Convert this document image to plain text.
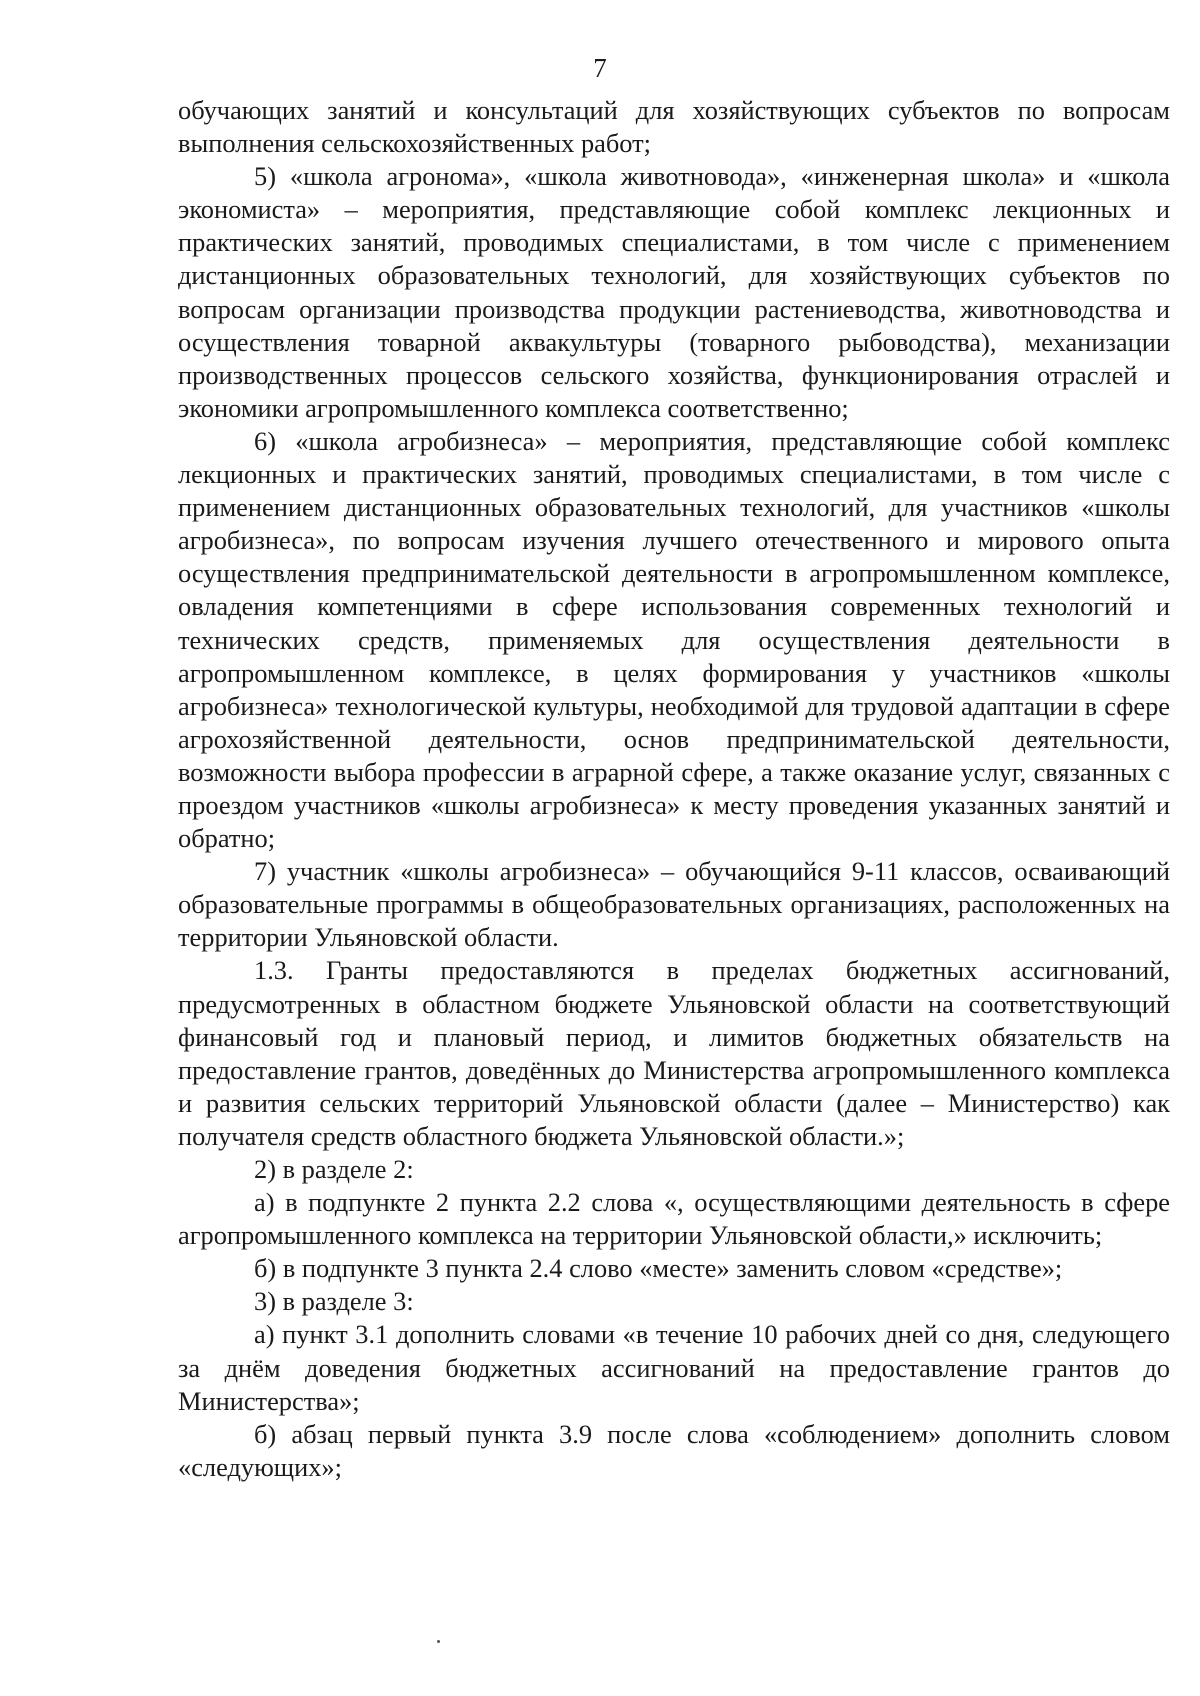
7

обучающих занятий и консультаций для хозяйствующих субъектов по вопросам выполнения сельскохозяйственных работ;

5) «школа агронома», «школа животновода», «инженерная школа» и «школа экономиста» – мероприятия, представляющие собой комплекс лекционных и практических занятий, проводимых специалистами, в том числе с применением дистанционных образовательных технологий, для хозяйствующих субъектов по вопросам организации производства продукции растениеводства, животноводства и осуществления товарной аквакультуры (товарного рыбоводства), механизации производственных процессов сельского хозяйства, функционирования отраслей и экономики агропромышленного комплекса соответственно;

6) «школа агробизнеса» – мероприятия, представляющие собой комплекс лекционных и практических занятий, проводимых специалистами, в том числе с применением дистанционных образовательных технологий, для участников «школы агробизнеса», по вопросам изучения лучшего отечественного и мирового опыта осуществления предпринимательской деятельности в агропромышленном комплексе, овладения компетенциями в сфере использования современных технологий и технических средств, применяемых для осуществления деятельности в агропромышленном комплексе, в целях формирования у участников «школы агробизнеса» технологической культуры, необходимой для трудовой адаптации в сфере агрохозяйственной деятельности, основ предпринимательской деятельности, возможности выбора профессии в аграрной сфере, а также оказание услуг, связанных с проездом участников «школы агробизнеса» к месту проведения указанных занятий и обратно;

7) участник «школы агробизнеса» – обучающийся 9-11 классов, осваивающий образовательные программы в общеобразовательных организациях, расположенных на территории Ульяновской области.

1.3. Гранты предоставляются в пределах бюджетных ассигнований, предусмотренных в областном бюджете Ульяновской области на соответствующий финансовый год и плановый период, и лимитов бюджетных обязательств на предоставление грантов, доведённых до Министерства агропромышленного комплекса и развития сельских территорий Ульяновской области (далее – Министерство) как получателя средств областного бюджета Ульяновской области.»;

2) в разделе 2:

а) в подпункте 2 пункта 2.2 слова «, осуществляющими деятельность в сфере агропромышленного комплекса на территории Ульяновской области,» исключить;

б) в подпункте 3 пункта 2.4 слово «месте» заменить словом «средстве»;

3) в разделе 3:

а) пункт 3.1 дополнить словами «в течение 10 рабочих дней со дня, следующего за днём доведения бюджетных ассигнований на предоставление грантов до Министерства»;

б) абзац первый пункта 3.9 после слова «соблюдением» дополнить словом «следующих»;
